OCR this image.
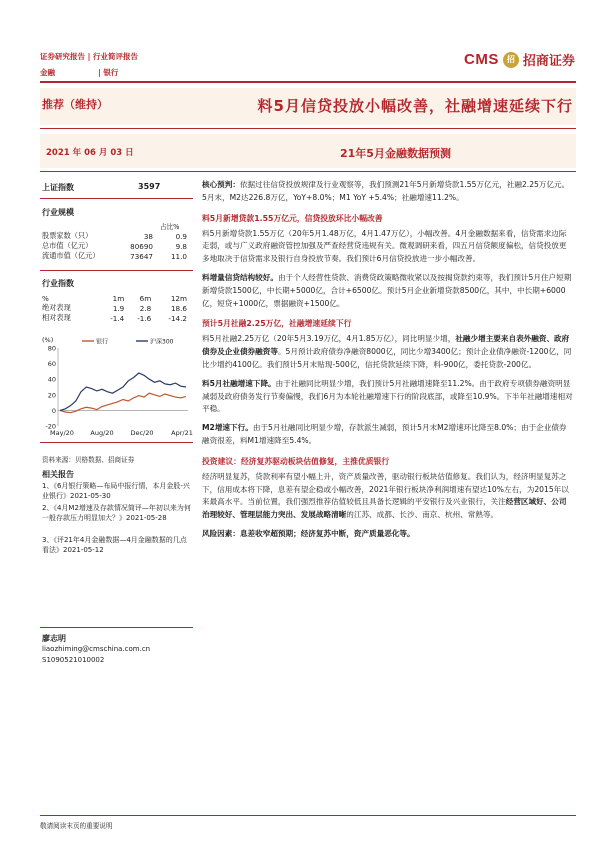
证券研究报告 | 行业简评报告
金融	| 银行
CMS	招 招商证券
推荐（维持）	料5月信贷投放小幅改善，社融增速延续下行
2021 年 06 月 03 日	21年5月金融数据预测
上证指数	3597
行业规模
占比%
股票家数（只）	38	0.9
总市值（亿元）	80690	9.8
流通市值（亿元）	73647	11.0
行业指数
%	1m	6m	12m
绝对表现	1.9	2.8	18.6
相对表现	-1.4	-1.6	-14.2
(%)
80
60
40
20
0
-20
May/20	Aug/20	Dec/20	Apr/21
银行	沪深300
资料来源：贝格数据、招商证券
相关报告
1、《6月银行策略—布局中报行情，本月金股-兴业银行》2021-05-30
2、《4月M2增速及存款情况简评—年初以来为何一般存款压力明显加大？》2021-05-28
3、《评21年4月金融数据—4月金融数据的几点看法》2021-05-12
廖志明
liaozhiming@cmschina.com.cn
S1090521010002
核心预判：依据过往信贷投放规律及行业观察等，我们预测21年5月新增贷款1.55万亿元，社融2.25万亿元。5月末，M2达226.8万亿，YoY+8.0%；M1 YoY +5.4%；社融增速11.2%。
料5月新增贷款1.55万亿元，信贷投放环比小幅改善
料5月新增贷款1.55万亿（20年5月1.48万亿，4月1.47万亿），小幅改善。4月金融数据来看，信贷需求边际走弱，或与广义政府融资管控加强及严查经营贷违规有关。微观调研来看，四五月信贷额度偏松，信贷投放更多地取决于信贷需求及银行自身投放节奏。我们预计6月信贷投放进一步小幅改善。
料增量信贷结构较好。由于个人经营性贷款、消费贷政策略微收紧以及按揭贷款约束等，我们预计5月住户短期新增贷款1500亿，中长期+5000亿，合计+6500亿。预计5月企业新增贷款8500亿，其中，中长期+6000亿，短贷+1000亿，票据融资+1500亿。
预计5月社融2.25万亿，社融增速延续下行
料5月社融2.25万亿（20年5月3.19万亿，4月1.85万亿），同比明显少增，社融少增主要来自表外融资、政府债券及企业债券融资等。5月预计政府债券净融资8000亿，同比少增3400亿；预计企业债净融资-1200亿，同比少增约4100亿。我们预计5月末贴现-500亿，信托贷款延续下降，料-900亿，委托贷款-200亿。
料5月社融增速下降。由于社融同比明显少增，我们预计5月社融增速降至11.2%。由于政府专项债券融资明显减弱及政府债务发行节奏偏慢，我们6月为本轮社融增速下行的阶段底部，或降至10.9%。下半年社融增速相对平稳。
M2增速下行。由于5月社融同比明显少增，存款派生减弱，预计5月末M2增速环比降至8.0%；由于企业债券融资很差，料M1增速降至5.4%。
投资建议：经济复苏驱动板块估值修复，主推优质银行
经济明显复苏，贷款利率有望小幅上升，资产质量改善，驱动银行板块估值修复。我们认为，经济明显复苏之下，信用成本将下降，息差有望企稳或小幅改善，2021年银行板块净利润增速有望达10%左右，为2015年以来最高水平。当前位置，我们强烈推荐估值较低且具备长逻辑的平安银行及兴业银行，关注经营区域好、公司治理较好、管理层能力突出、发展战略清晰的江苏、成都、长沙、南京、杭州、常熟等。
风险因素：息差收窄超预期；经济复苏中断，资产质量恶化等。
敬请阅读末页的重要说明
